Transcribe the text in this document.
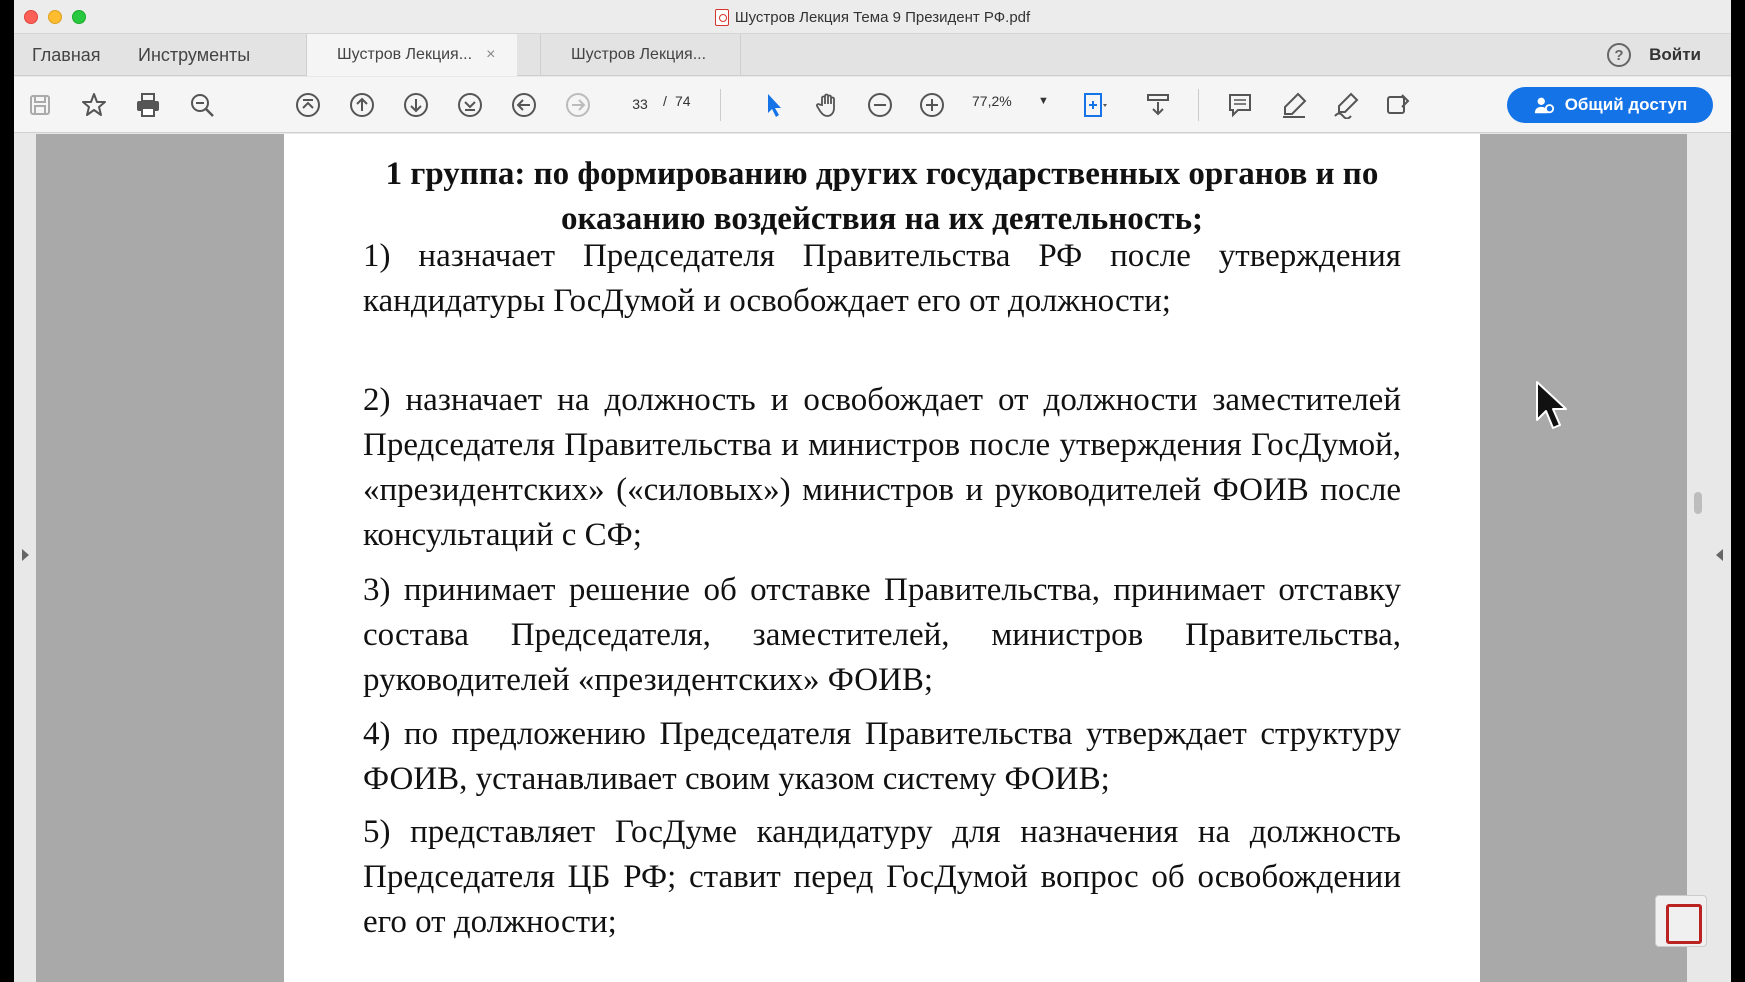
Шустров Лекция Тема 9 Президент РФ.pdf
Главная Инструменты	Шустров Лекция... ×	Шустров Лекция...	?	Войти
33
/ 74	77,2% ▼	Общий доступ
1 группа: по формированию других государственных органов и по оказанию воздействия на их деятельность;
1) назначает Председателя Правительства РФ после утверждения кандидатуры ГосДумой и освобождает его от должности;
2) назначает на должность и освобождает от должности заместителей Председателя Правительства и министров после утверждения ГосДумой, «президентских» («силовых») министров и руководителей ФОИВ после консультаций с СФ;
3) принимает решение об отставке Правительства, принимает отставку состава Председателя, заместителей, министров Правительства, руководителей «президентских» ФОИВ;
4) по предложению Председателя Правительства утверждает структуру ФОИВ, устанавливает своим указом систему ФОИВ;
5) представляет ГосДуме кандидатуру для назначения на должность Председателя ЦБ РФ; ставит перед ГосДумой вопрос об освобождении его от должности;
